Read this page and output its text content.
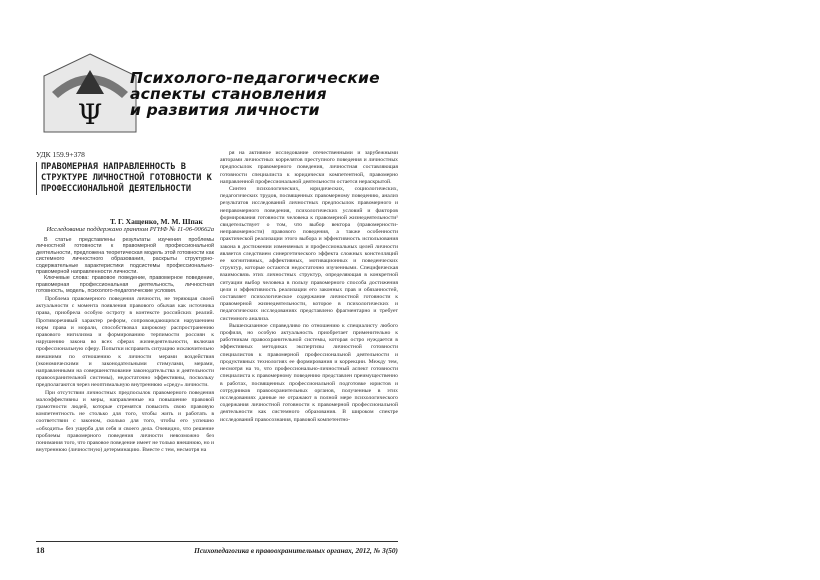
Ψ
Психолого-педагогические
аспекты становления
и развития личности
УДК 159.9+378
ПРАВОМЕРНАЯ НАПРАВЛЕННОСТЬ В СТРУКТУРЕ ЛИЧНОСТНОЙ ГОТОВНОСТИ К ПРОФЕССИОНАЛЬНОЙ ДЕЯТЕЛЬНОСТИ
Т. Г. Хащенко, М. М. Шпак
Исследование поддержано грантом РГНФ № 11-06-00662а

В статье представлены результаты изучения проблемы личностной готовности к правомерной профессиональной деятельности, предложена теоретическая модель этой готовности как системного личностного образования, раскрыты структурно-содержательные характеристики подсистемы профессионально-правомерной направленности личности.

Ключевые слова: правовое поведение, правомерное поведение, правомерная профессиональная деятельность, личностная готовность, модель, психолого-педагогические условия.

Проблема правомерного поведения личности, не теряющая своей актуальности с момента появления правового обычая как источника права, приобрела особую остроту в контексте российских реалий. Противоречивый характер реформ, сопровождающихся нарушением норм права и морали, способствовал широкому распространению правового нигилизма и формированию терпимости россиян к нарушению закона во всех сферах жизнедеятельности, включая профессиональную сферу. Попытки исправить ситуацию исключительно внешними по отношению к личности мерами воздействия (экономическими и законодательными стимулами, мерами, направленными на совершенствование законодательства и деятельности правоохранительной системы), недостаточно эффективны, поскольку предполагаются через неоптимальную внутреннюю «среду» личности.

При отсутствии личностных предпосылок правомерного поведения малоэффективны и меры, направленные на повышение правовой грамотности людей, которые стремятся повысить свою правовую компетентность не столько для того, чтобы жить и работать в соответствии с законом, сколько для того, чтобы его успешно «обходить» без ущерба для себя и своего дела. Очевидно, что решение проблемы правомерного поведения личности невозможно без понимания того, что правовое поведение имеет не только внешнюю, но и внутреннюю (личностную) детерминацию. Вместе с тем, несмотря на

ря на активное исследование отечественными и зарубежными авторами личностных коррелятов преступного поведения и личностных предпосылок правомерного поведения, личностная составляющая готовности специалиста к юридически компетентной, правомерно направленной профессиональной деятельности остается нераскрытой.

Синтез психологических, юридических, социологических, педагогических трудов, посвященных правомерному поведению, анализ результатов исследований личностных предпосылок правомерного и неправомерного поведения, психологических условий и факторов формирования готовности человека к правомерной жизнедеятельности¹ свидетельствует о том, что выбор вектора (правомерности-неправомерности) правового поведения, а также особенности практической реализации этого выбора и эффективность использования закона в достижении изменяемых и профессиональных целей личности является следствием синергетического эффекта сложных констелляций ее когнитивных, аффективных, мотивационных и поведенческих структур, которые остаются недостаточно изученными. Специфическая взаимосвязь этих личностных структур, определяющая в конкретной ситуации выбор человека в пользу правомерного способа достижения цели и эффективность реализации его законных прав и обязанностей, составляет психологическое содержание личностной готовности к правомерной жизнедеятельности, которое в психологических и педагогических исследованиях представлено фрагментарно и требует системного анализа.

Вышесказанное справедливо по отношению к специалисту любого профиля, но особую актуальность приобретает применительно к работникам правоохранительной системы, которая остро нуждается в эффективных методиках экспертизы личностной готовности специалистов к правомерной профессиональной деятельности и продуктивных технологиях ее формирования и коррекции. Между тем, несмотря на то, что профессионально-личностный аспект готовности специалиста к правомерному поведению представлен преимущественно в работах, посвященных профессиональной подготовке юристов и сотрудников правоохранительных органов, полученные в этих исследованиях данные не отражают в полной мере психологического содержания личностной готовности к правомерной профессиональной деятельности как системного образования. В широком спектре исследований правосознания, правовой компетентно-

18	Психопедагогика в правоохранительных органах, 2012, № 3(50)
